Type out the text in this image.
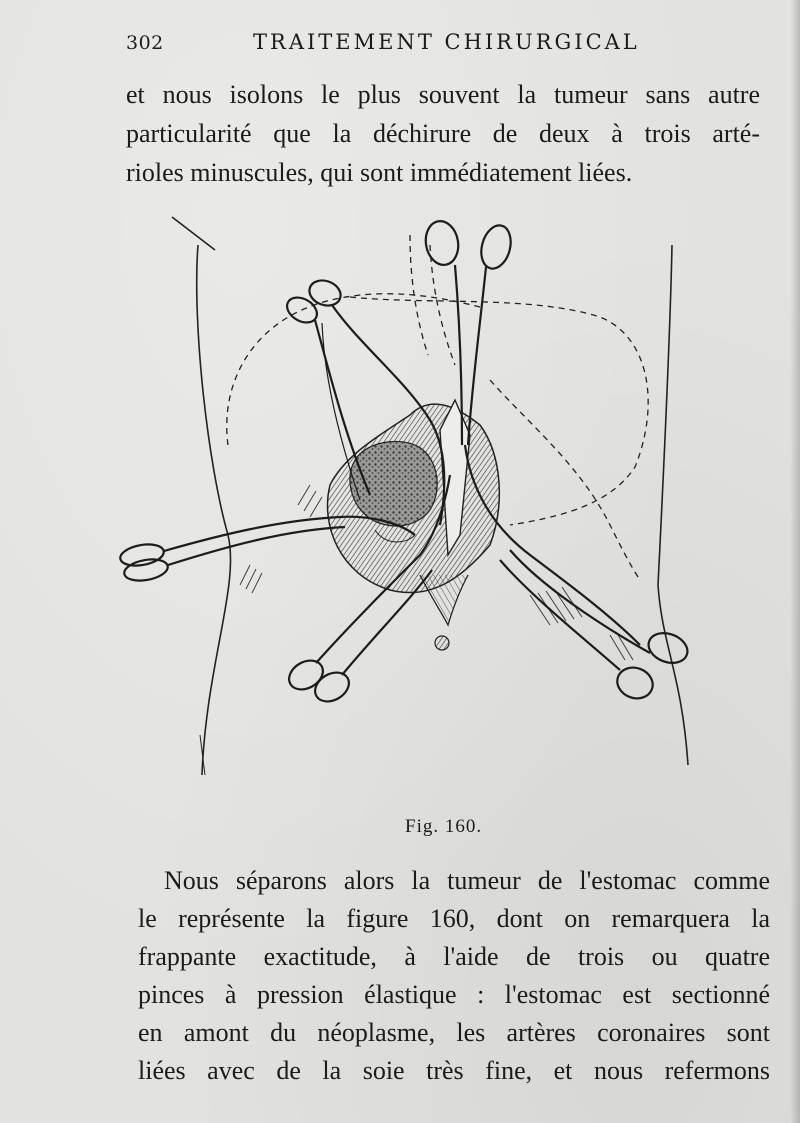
302	TRAITEMENT CHIRURGICAL
et nous isolons le plus souvent la tumeur sans autre
particularité que la déchirure de deux à trois arté-
rioles minuscules, qui sont immédiatement liées.
Fig. 160.
Nous séparons alors la tumeur de l'estomac comme
le représente la figure 160, dont on remarquera la
frappante exactitude, à l'aide de trois ou quatre
pinces à pression élastique : l'estomac est sectionné
en amont du néoplasme, les artères coronaires sont
liées avec de la soie très fine, et nous refermons
